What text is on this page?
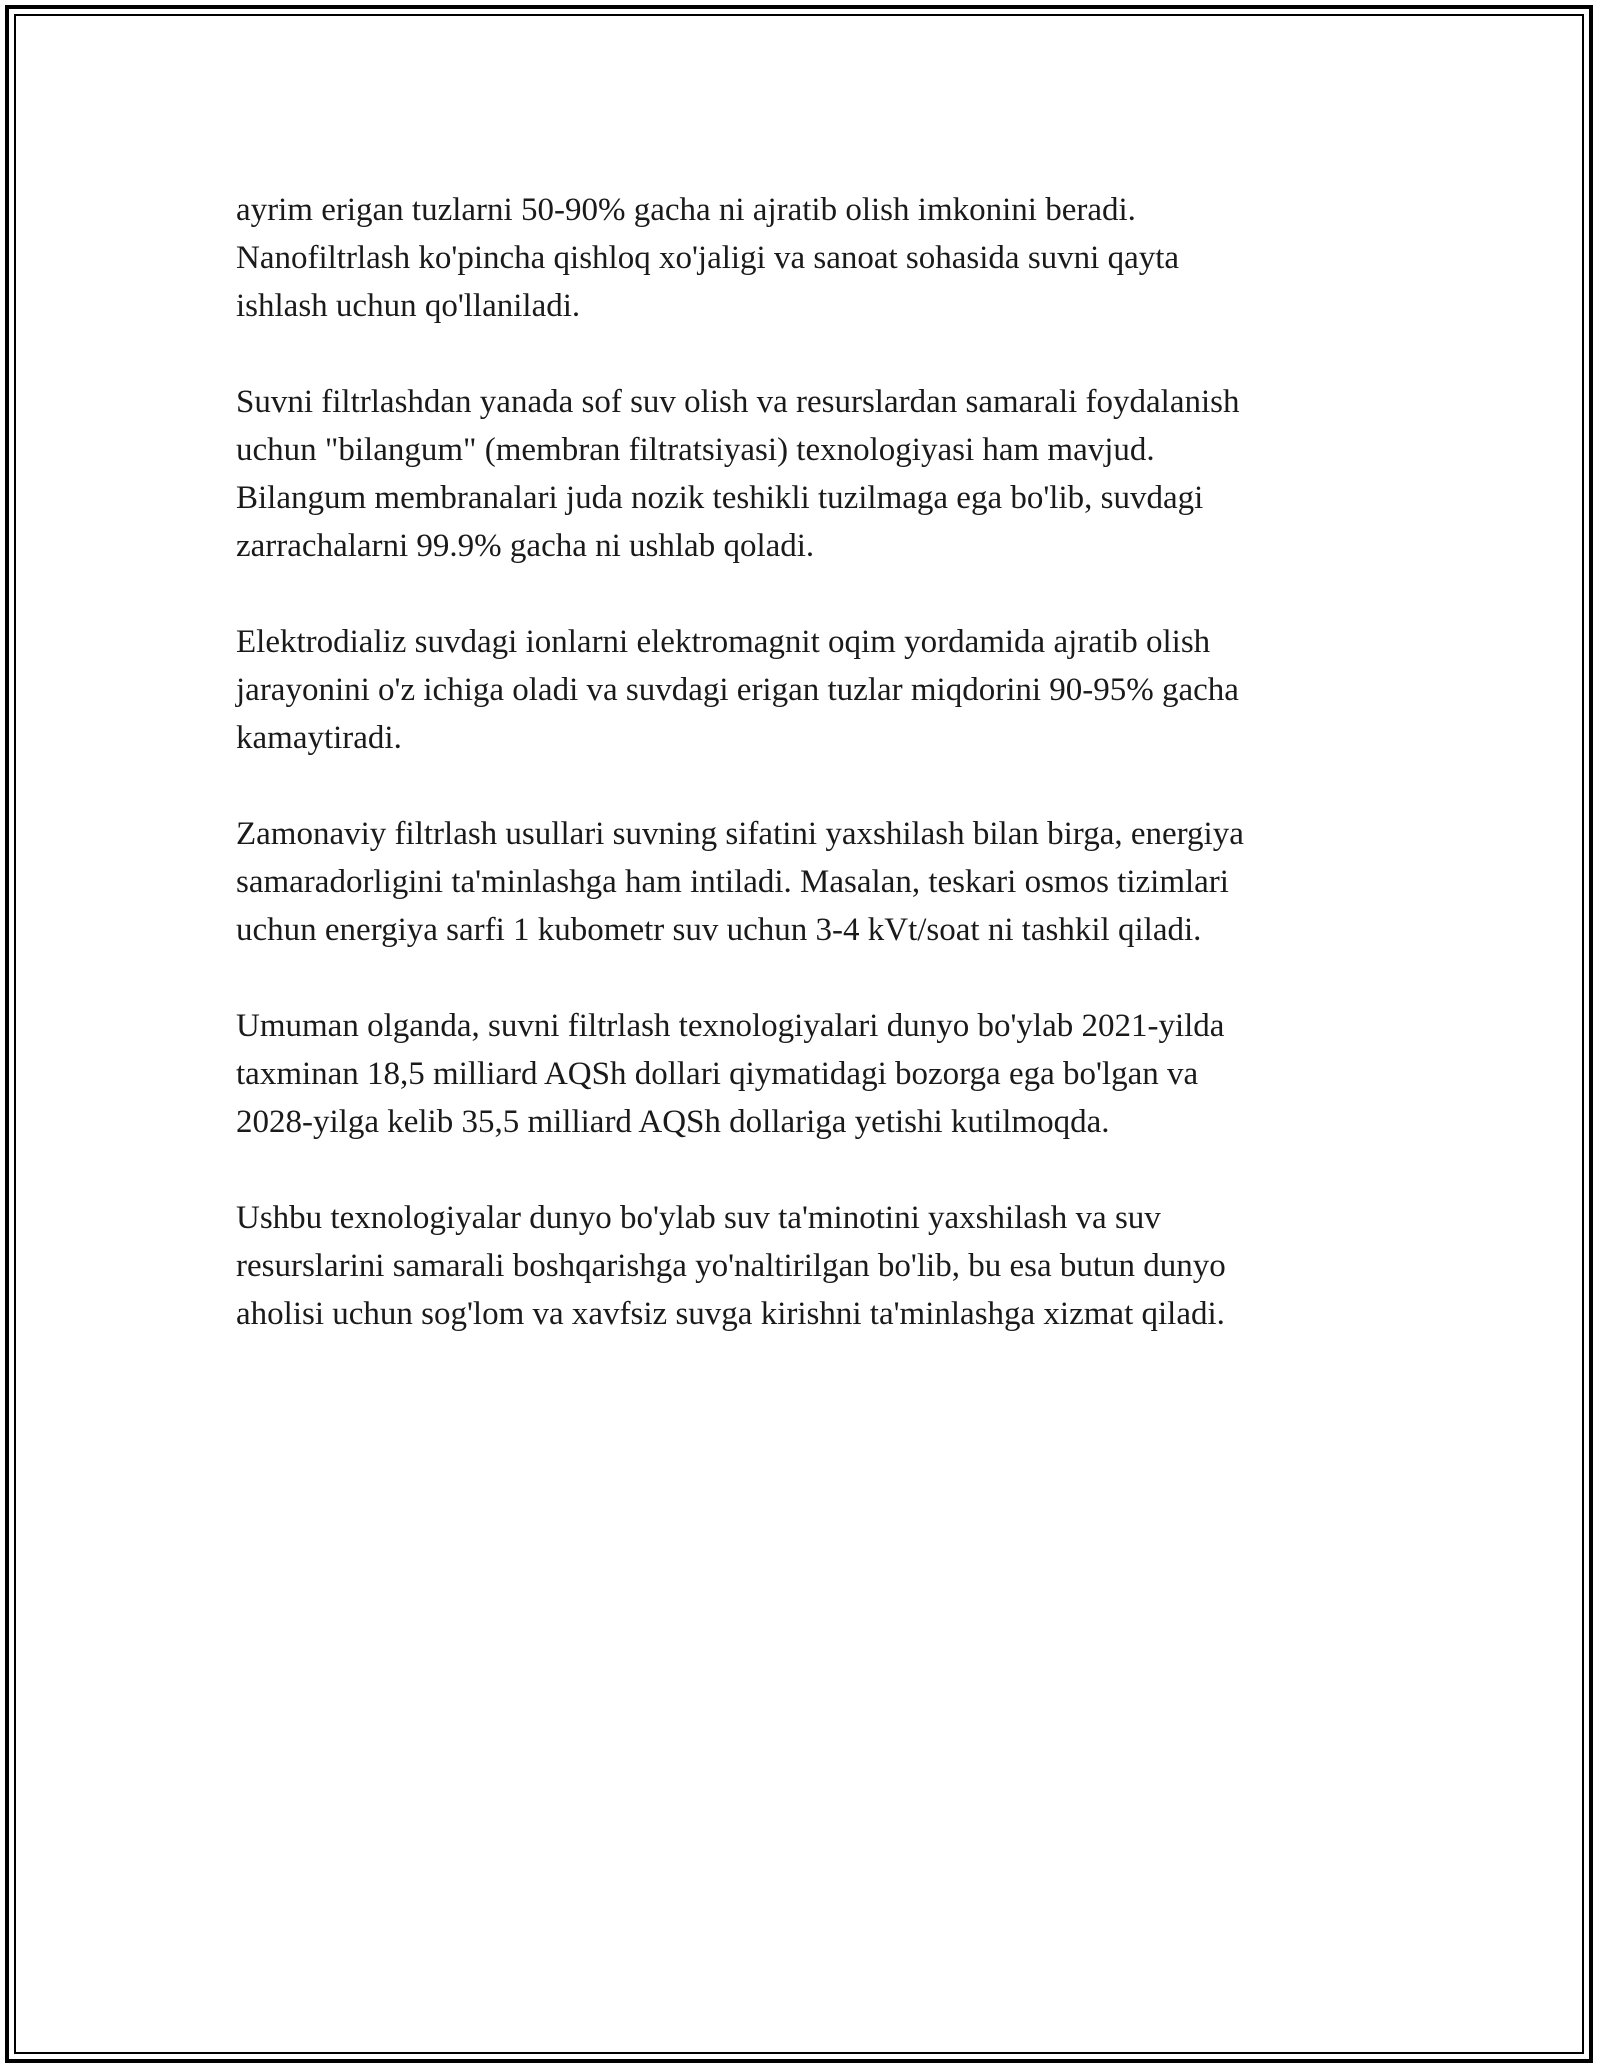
ayrim erigan tuzlarni 50-90% gacha ni ajratib olish imkonini beradi.
Nanofiltrlash ko'pincha qishloq xo'jaligi va sanoat sohasida suvni qayta
ishlash uchun qo'llaniladi.

Suvni filtrlashdan yanada sof suv olish va resurslardan samarali foydalanish
uchun "bilangum" (membran filtratsiyasi) texnologiyasi ham mavjud.
Bilangum membranalari juda nozik teshikli tuzilmaga ega bo'lib, suvdagi
zarrachalarni 99.9% gacha ni ushlab qoladi.

Elektrodializ suvdagi ionlarni elektromagnit oqim yordamida ajratib olish
jarayonini o'z ichiga oladi va suvdagi erigan tuzlar miqdorini 90-95% gacha
kamaytiradi.

Zamonaviy filtrlash usullari suvning sifatini yaxshilash bilan birga, energiya
samaradorligini ta'minlashga ham intiladi. Masalan, teskari osmos tizimlari
uchun energiya sarfi 1 kubometr suv uchun 3-4 kVt/soat ni tashkil qiladi.

Umuman olganda, suvni filtrlash texnologiyalari dunyo bo'ylab 2021-yilda
taxminan 18,5 milliard AQSh dollari qiymatidagi bozorga ega bo'lgan va
2028-yilga kelib 35,5 milliard AQSh dollariga yetishi kutilmoqda.

Ushbu texnologiyalar dunyo bo'ylab suv ta'minotini yaxshilash va suv
resurslarini samarali boshqarishga yo'naltirilgan bo'lib, bu esa butun dunyo
aholisi uchun sog'lom va xavfsiz suvga kirishni ta'minlashga xizmat qiladi.
